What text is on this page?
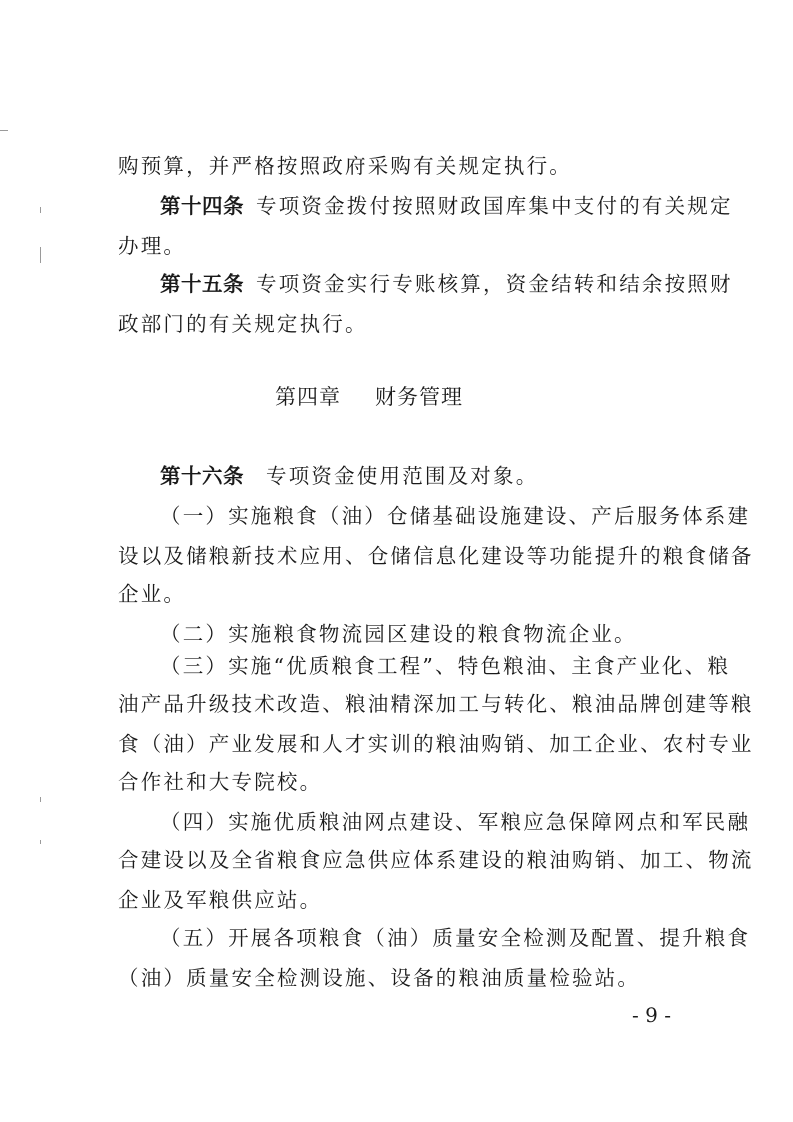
购预算，并严格按照政府采购有关规定执行。
第十四条 专项资金拨付按照财政国库集中支付的有关规定
办理。
第十五条 专项资金实行专账核算，资金结转和结余按照财
政部门的有关规定执行。
第四章 财务管理
第十六条 专项资金使用范围及对象。
（一）实施粮食（油）仓储基础设施建设、产后服务体系建
设以及储粮新技术应用、仓储信息化建设等功能提升的粮食储备
企业。
（二）实施粮食物流园区建设的粮食物流企业。
（三）实施“优质粮食工程”、特色粮油、主食产业化、粮
油产品升级技术改造、粮油精深加工与转化、粮油品牌创建等粮
食（油）产业发展和人才实训的粮油购销、加工企业、农村专业
合作社和大专院校。
（四）实施优质粮油网点建设、军粮应急保障网点和军民融
合建设以及全省粮食应急供应体系建设的粮油购销、加工、物流
企业及军粮供应站。
（五）开展各项粮食（油）质量安全检测及配置、提升粮食
（油）质量安全检测设施、设备的粮油质量检验站。
- 9 -
